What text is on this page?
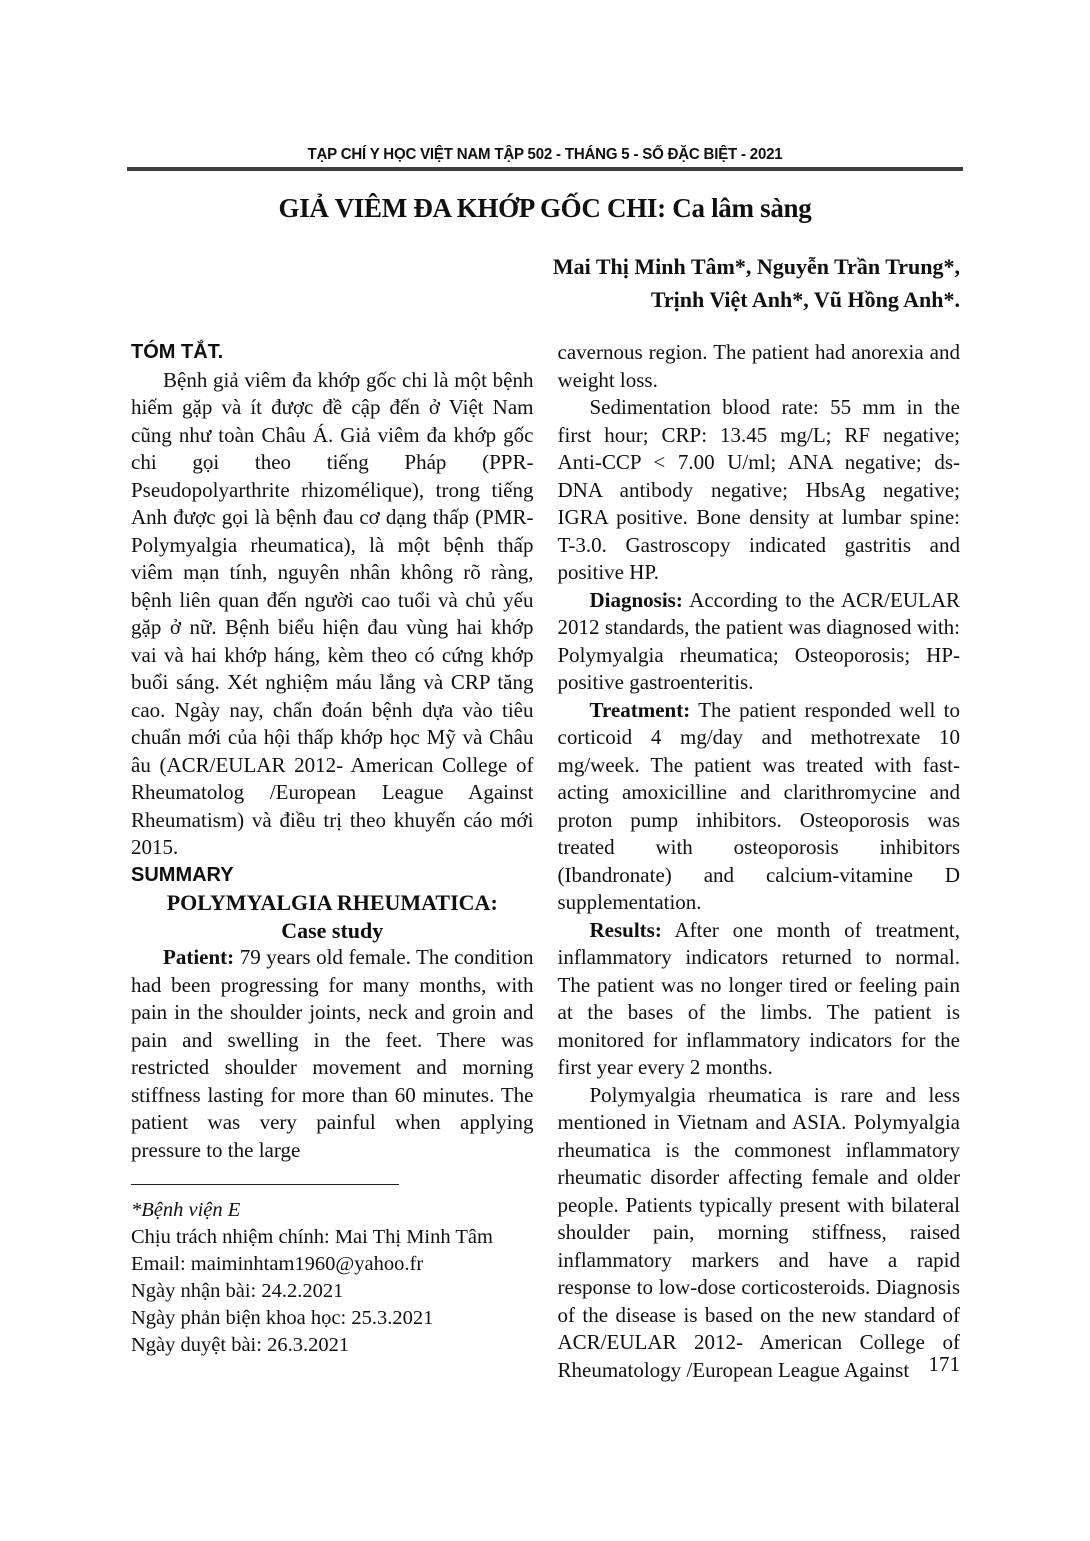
TẠP CHÍ Y HỌC VIỆT NAM TẬP 502 - THÁNG 5 - SỐ ĐẶC BIỆT - 2021
GIẢ VIÊM ĐA KHỚP GỐC CHI: Ca lâm sàng
Mai Thị Minh Tâm*, Nguyễn Trần Trung*,
Trịnh Việt Anh*, Vũ Hồng Anh*.

TÓM TẮT.

Bệnh giả viêm đa khớp gốc chi là một bệnh hiếm gặp và ít được đề cập đến ở Việt Nam cũng như toàn Châu Á. Giả viêm đa khớp gốc chi gọi theo tiếng Pháp (PPR-Pseudopolyarthrite rhizomélique), trong tiếng Anh được gọi là bệnh đau cơ dạng thấp (PMR-Polymyalgia rheumatica), là một bệnh thấp viêm mạn tính, nguyên nhân không rõ ràng, bệnh liên quan đến người cao tuổi và chủ yếu gặp ở nữ. Bệnh biểu hiện đau vùng hai khớp vai và hai khớp háng, kèm theo có cứng khớp buổi sáng. Xét nghiệm máu lắng và CRP tăng cao. Ngày nay, chẩn đoán bệnh dựa vào tiêu chuẩn mới của hội thấp khớp học Mỹ và Châu âu (ACR/EULAR 2012- American College of Rheumatolog /European League Against Rheumatism) và điều trị theo khuyến cáo mới 2015.

SUMMARY

POLYMYALGIA RHEUMATICA:

Case study

Patient: 79 years old female. The condition had been progressing for many months, with pain in the shoulder joints, neck and groin and pain and swelling in the feet. There was restricted shoulder movement and morning stiffness lasting for more than 60 minutes. The patient was very painful when applying pressure to the large

*Bệnh viện E
Chịu trách nhiệm chính: Mai Thị Minh Tâm
Email: maiminhtam1960@yahoo.fr
Ngày nhận bài: 24.2.2021
Ngày phản biện khoa học: 25.3.2021
Ngày duyệt bài: 26.3.2021

cavernous region. The patient had anorexia and weight loss.

Sedimentation blood rate: 55 mm in the first hour; CRP: 13.45 mg/L; RF negative; Anti-CCP < 7.00 U/ml; ANA negative; ds-DNA antibody negative; HbsAg negative; IGRA positive. Bone density at lumbar spine: T-3.0. Gastroscopy indicated gastritis and positive HP.

Diagnosis: According to the ACR/EULAR 2012 standards, the patient was diagnosed with: Polymyalgia rheumatica; Osteoporosis; HP-positive gastroenteritis.

Treatment: The patient responded well to corticoid 4 mg/day and methotrexate 10 mg/week. The patient was treated with fast-acting amoxicilline and clarithromycine and proton pump inhibitors. Osteoporosis was treated with osteoporosis inhibitors (Ibandronate) and calcium-vitamine D supplementation.

Results: After one month of treatment, inflammatory indicators returned to normal. The patient was no longer tired or feeling pain at the bases of the limbs. The patient is monitored for inflammatory indicators for the first year every 2 months.

Polymyalgia rheumatica is rare and less mentioned in Vietnam and ASIA. Polymyalgia rheumatica is the commonest inflammatory rheumatic disorder affecting female and older people. Patients typically present with bilateral shoulder pain, morning stiffness, raised inflammatory markers and have a rapid response to low-dose corticosteroids. Diagnosis of the disease is based on the new standard of ACR/EULAR 2012- American College of Rheumatology /European League Against 171
